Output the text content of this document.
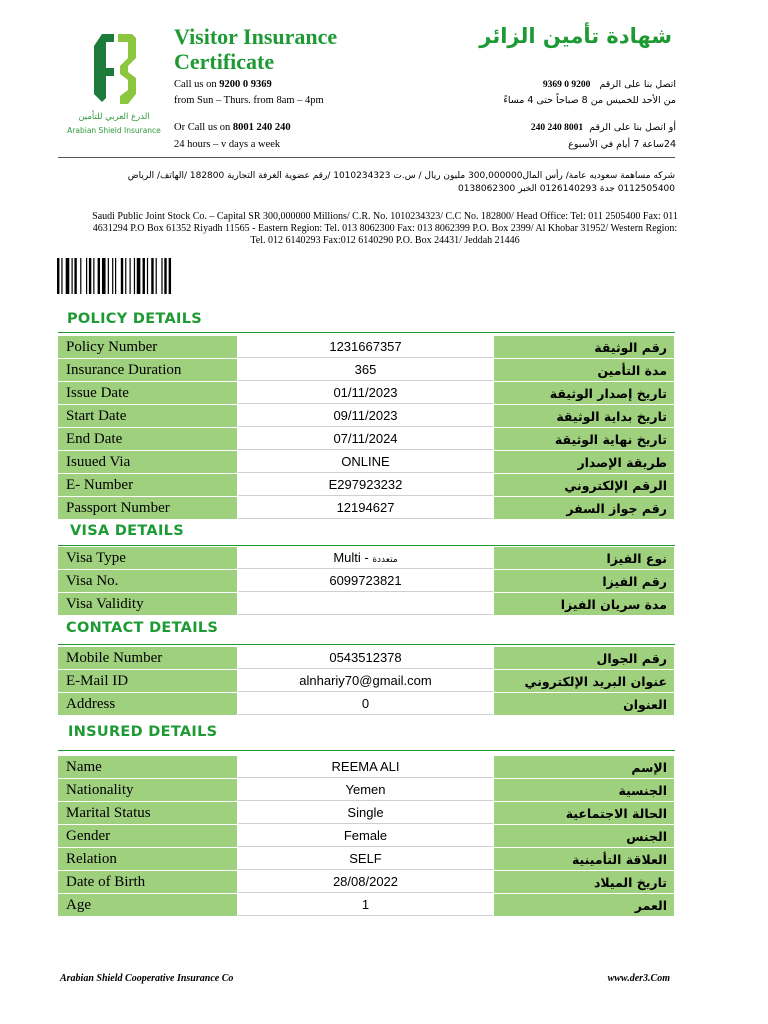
الدرع العربي للتأمين
Arabian Shield Insurance
Visitor Insurance Certificate
شهادة تأمين الزائر
Call us on 9200 0 9369
from Sun – Thurs. from 8am – 4pm
Or Call us on 8001 240 240
24 hours – v days a week
اتصل بنا على الرقم   9200 0 9369
من الأحد للخميس من 8 صباحاً حتى 4 مساءً
أو اتصل بنا على الرقم  8001 240 240
24ساعة 7 أيام في الأسبوع
شركه مساهمة سعوديه عامة/ رأس المال300,000000 مليون ريال / س.ت 1010234323 /رقم عضوية الغرفة التجارية 182800 /الهاتف/ الرياض 0112505400 جدة 0126140293 الخبر 0138062300
Saudi Public Joint Stock Co. – Capital SR 300,000000 Millions/ C.R. No. 1010234323/ C.C No. 182800/ Head Office: Tel: 011 2505400 Fax: 011 4631294 P.O Box 61352 Riyadh 11565 - Eastern Region: Tel. 013 8062300 Fax: 013 8062399 P.O. Box 2399/ Al Khobar 31952/ Western Region: Tel. 012 6140293 Fax:012 6140290 P.O. Box 24431/ Jeddah 21446
POLICY DETAILS
Policy Number	1231667357	رقم الوثيقة
Insurance Duration	365	مدة التأمين
Issue Date	01/11/2023	تاريخ إصدار الوثيقة
Start Date	09/11/2023	تاريخ بداية الوثيقة
End Date	07/11/2024	تاريخ نهاية الوثيقة
Isuued Via	ONLINE	طريقة الإصدار
E- Number	E297923232	الرقم الإلكتروني
Passport Number	12194627	رقم جواز السفر
VISA DETAILS
Visa Type	Multi - متعددة	نوع الفيزا
Visa No.	6099723821	رقم الفيزا
Visa Validity		مدة سريان الفيزا
CONTACT DETAILS
Mobile Number	0543512378	رقم الجوال
E-Mail ID	alnhariy70@gmail.com	عنوان البريد الإلكتروني
Address	0	العنوان
INSURED DETAILS
Name	REEMA ALI	الإسم
Nationality	Yemen	الجنسية
Marital Status	Single	الحالة الاجتماعية
Gender	Female	الجنس
Relation	SELF	العلاقة التأمينية
Date of Birth	28/08/2022	تاريخ الميلاد
Age	1	العمر
Arabian Shield Cooperative Insurance Co	www.der3.Com
